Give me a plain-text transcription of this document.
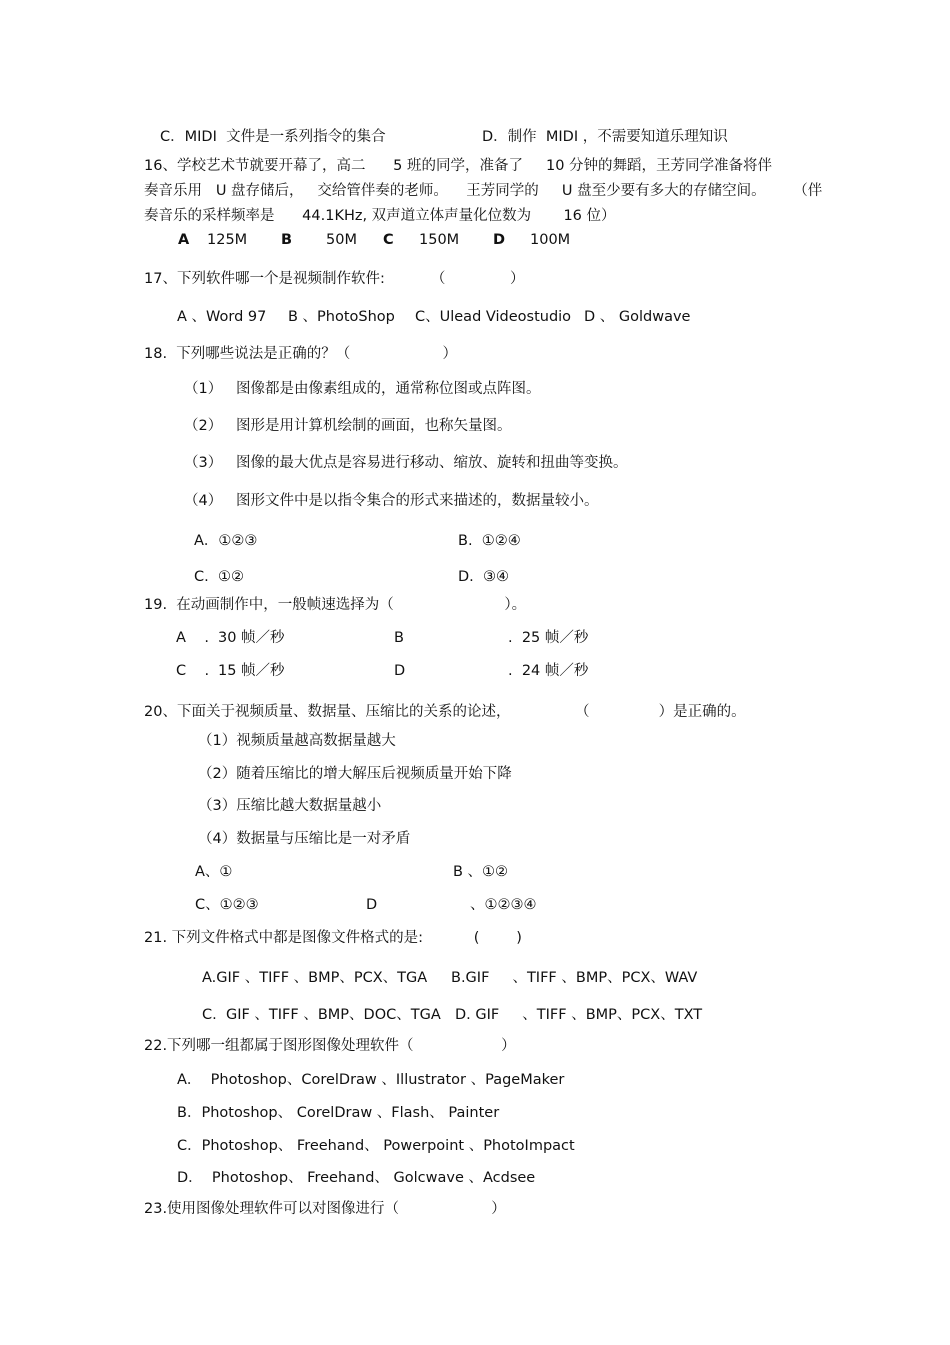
C．MIDI  文件是一系列指令的集合	D．制作  MIDI ，不需要知道乐理知识
16、学校艺术节就要开幕了，高二      5 班的同学，准备了     10 分钟的舞蹈，王芳同学准备将伴
奏音乐用   U 盘存储后，   交给管伴奏的老师。    王芳同学的     U 盘至少要有多大的存储空间。      （伴
奏音乐的采样频率是      44.1KHz, 双声道立体声量化位数为       16 位）
A 125M B 50M C 150M D 100M
17、下列软件哪一个是视频制作软件:          （              ）
A 、Word 97 B 、PhotoShop C、Ulead Videostudio D 、 Goldwave
18.  下列哪些说法是正确的？（                    ）
（1）   图像都是由像素组成的，通常称位图或点阵图。
（2）   图形是用计算机绘制的画面，也称矢量图。
（3）   图像的最大优点是容易进行移动、缩放、旋转和扭曲等变换。
（4）   图形文件中是以指令集合的形式来描述的，数据量较小。
A．①②③	B.  ①②④
C.  ①②	D.  ③④
19.  在动画制作中，一般帧速选择为（                        ）。
A    . 30 帧／秒	B	.  25 帧／秒
C    . 15 帧／秒	D	.  24 帧／秒
20、下面关于视频质量、数据量、压缩比的关系的论述，              （               ）是正确的。
（1）视频质量越高数据量越大
（2）随着压缩比的增大解压后视频质量开始下降
（3）压缩比越大数据量越小
（4）数据量与压缩比是一对矛盾
A、①	B 、①②
C、①②③	D	、①②③④
21. 下列文件格式中都是图像文件格式的是:           (        )
A.GIF 、TIFF 、BMP、PCX、TGA B.GIF     、TIFF 、BMP、PCX、WAV
C.  GIF 、TIFF 、BMP、DOC、TGA D. GIF     、TIFF 、BMP、PCX、TXT
22.下列哪一组都属于图形图像处理软件（                   ）
A．  Photoshop、CorelDraw 、Illustrator 、PageMaker
B．Photoshop、 CorelDraw 、Flash、 Painter
C．Photoshop、 Freehand、 Powerpoint 、PhotoImpact
D．  Photoshop、 Freehand、 Golcwave 、Acdsee
23.使用图像处理软件可以对图像进行（                    ）
